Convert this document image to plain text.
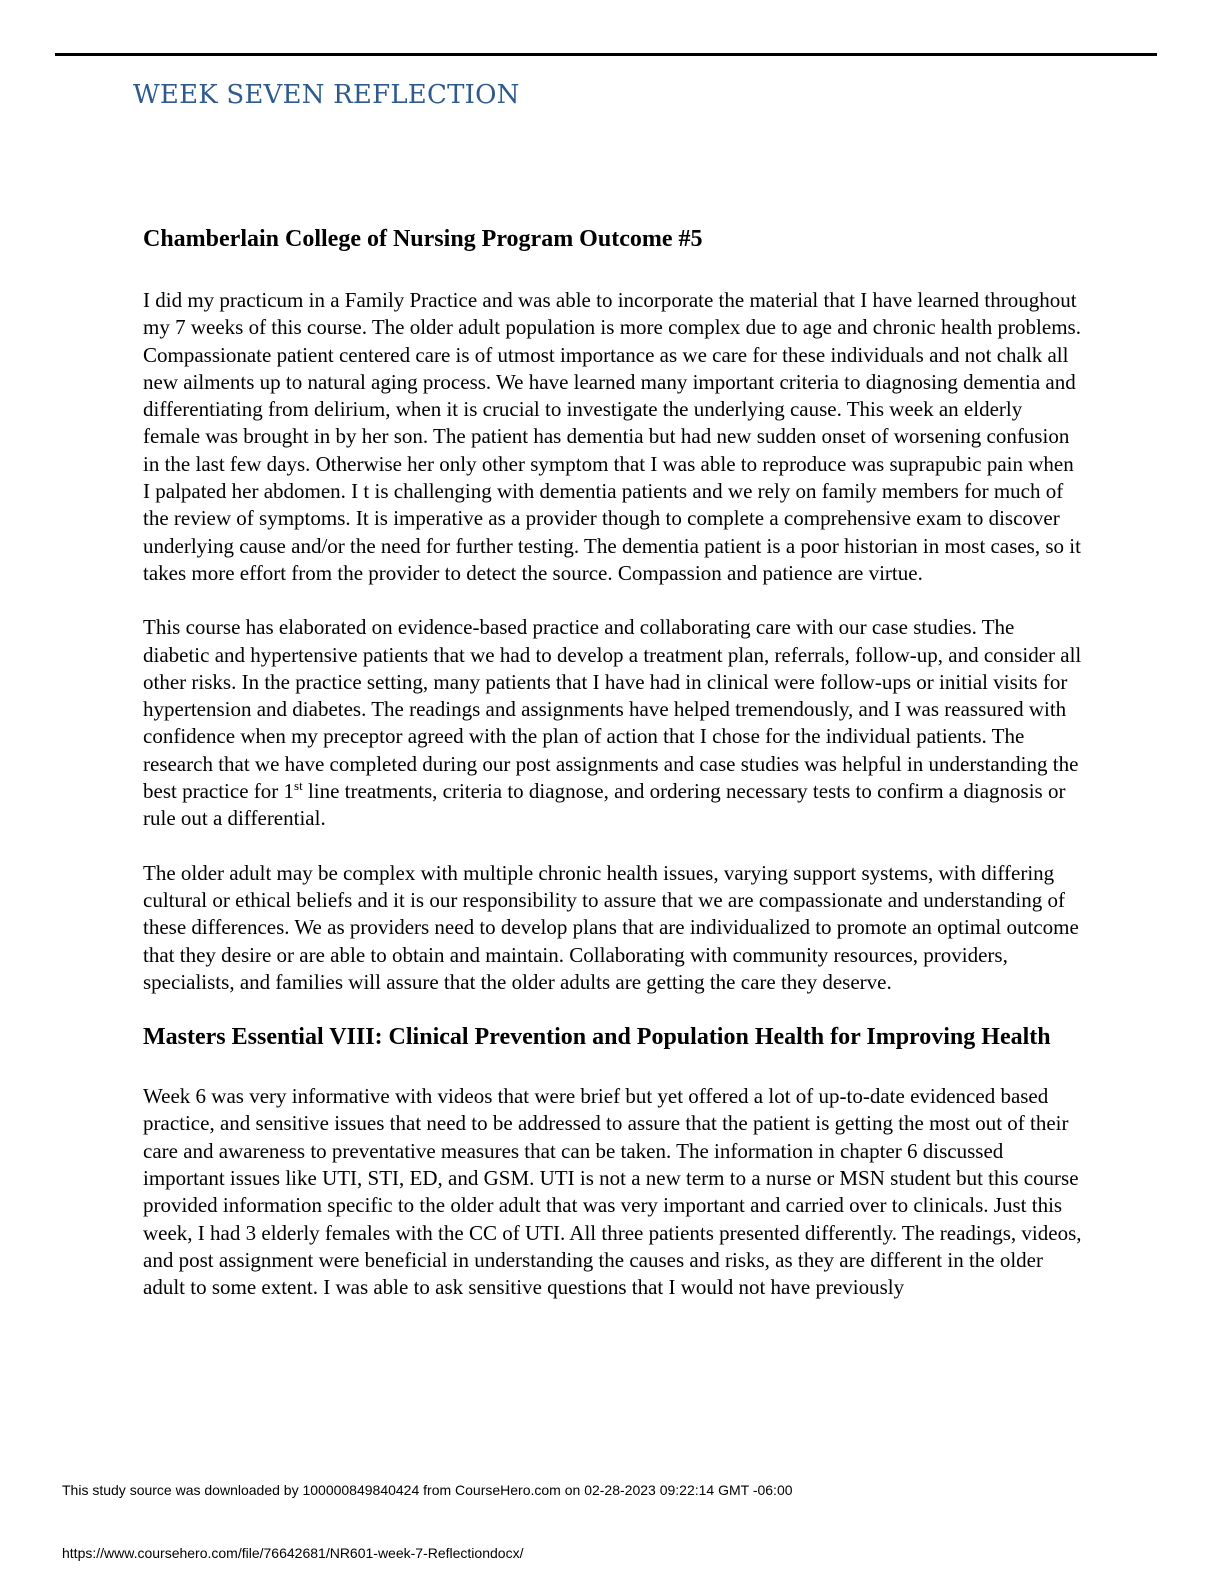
WEEK SEVEN REFLECTION
Chamberlain College of Nursing Program Outcome #5

I did my practicum in a Family Practice and was able to incorporate the material that I have learned throughout my 7 weeks of this course. The older adult population is more complex due to age and chronic health problems. Compassionate patient centered care is of utmost importance as we care for these individuals and not chalk all new ailments up to natural aging process. We have learned many important criteria to diagnosing dementia and differentiating from delirium, when it is crucial to investigate the underlying cause. This week an elderly female was brought in by her son. The patient has dementia but had new sudden onset of worsening confusion in the last few days. Otherwise her only other symptom that I was able to reproduce was suprapubic pain when I palpated her abdomen. I t is challenging with dementia patients and we rely on family members for much of the review of symptoms. It is imperative as a provider though to complete a comprehensive exam to discover underlying cause and/or the need for further testing. The dementia patient is a poor historian in most cases, so it takes more effort from the provider to detect the source. Compassion and patience are virtue.

This course has elaborated on evidence-based practice and collaborating care with our case studies. The diabetic and hypertensive patients that we had to develop a treatment plan, referrals, follow-up, and consider all other risks. In the practice setting, many patients that I have had in clinical were follow-ups or initial visits for hypertension and diabetes. The readings and assignments have helped tremendously, and I was reassured with confidence when my preceptor agreed with the plan of action that I chose for the individual patients. The research that we have completed during our post assignments and case studies was helpful in understanding the best practice for 1st line treatments, criteria to diagnose, and ordering necessary tests to confirm a diagnosis or rule out a differential.

The older adult may be complex with multiple chronic health issues, varying support systems, with differing cultural or ethical beliefs and it is our responsibility to assure that we are compassionate and understanding of these differences. We as providers need to develop plans that are individualized to promote an optimal outcome that they desire or are able to obtain and maintain. Collaborating with community resources, providers, specialists, and families will assure that the older adults are getting the care they deserve.

Masters Essential VIII: Clinical Prevention and Population Health for Improving Health

Week 6 was very informative with videos that were brief but yet offered a lot of up-to-date evidenced based practice, and sensitive issues that need to be addressed to assure that the patient is getting the most out of their care and awareness to preventative measures that can be taken. The information in chapter 6 discussed important issues like UTI, STI, ED, and GSM. UTI is not a new term to a nurse or MSN student but this course provided information specific to the older adult that was very important and carried over to clinicals. Just this week, I had 3 elderly females with the CC of UTI. All three patients presented differently. The readings, videos, and post assignment were beneficial in understanding the causes and risks, as they are different in the older adult to some extent. I was able to ask sensitive questions that I would not have previously

This study source was downloaded by 100000849840424 from CourseHero.com on 02-28-2023 09:22:14 GMT -06:00
https://www.coursehero.com/file/76642681/NR601-week-7-Reflectiondocx/
